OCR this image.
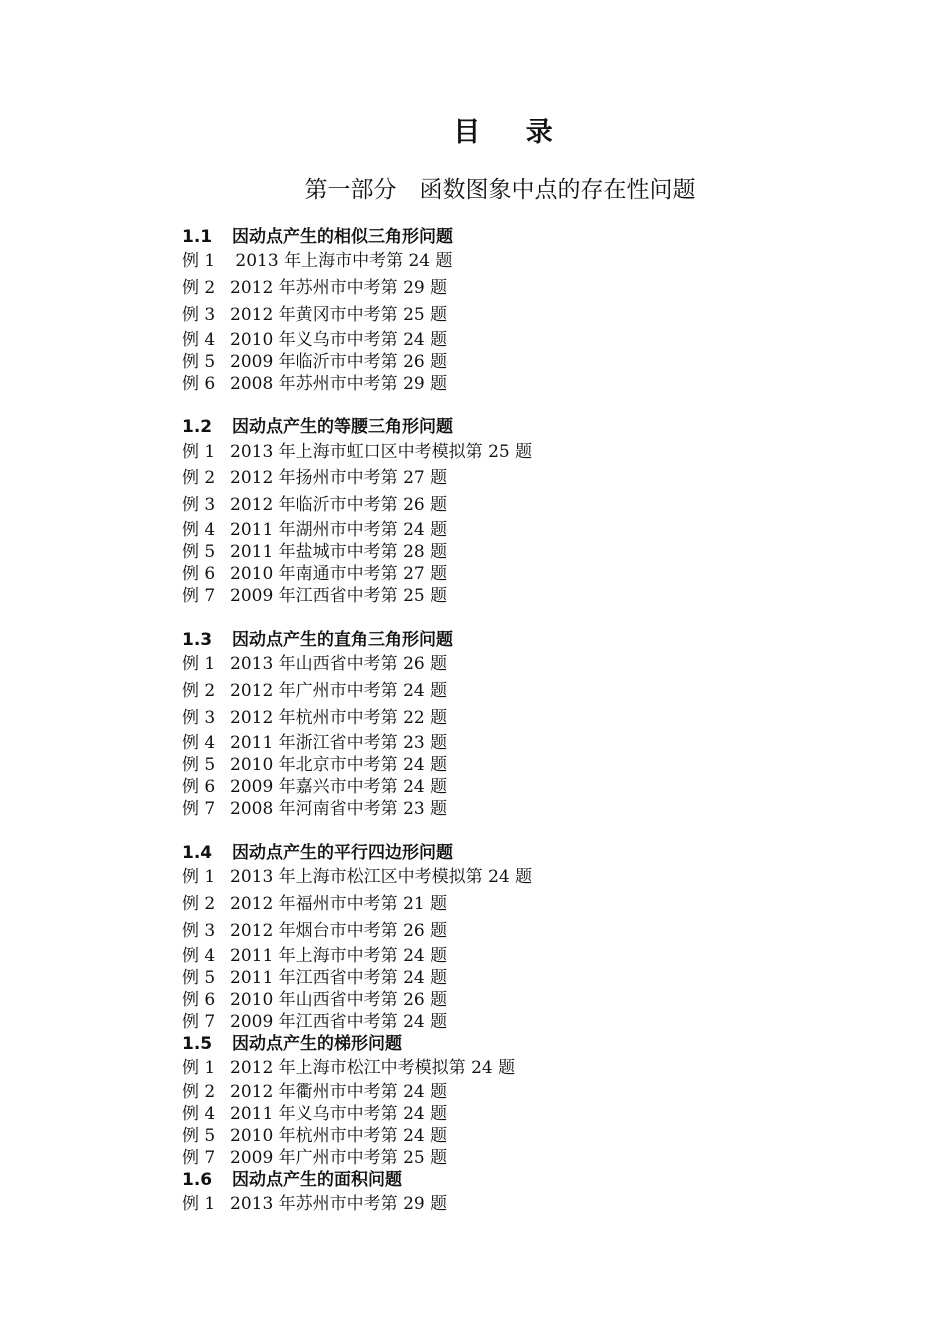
目 录
第一部分　函数图象中点的存在性问题
1.1 因动点产生的相似三角形问题
例 1 2013 年上海市中考第 24 题
例 2 2012 年苏州市中考第 29 题
例 3 2012 年黄冈市中考第 25 题
例 4 2010 年义乌市中考第 24 题
例 5 2009 年临沂市中考第 26 题
例 6 2008 年苏州市中考第 29 题
1.2 因动点产生的等腰三角形问题
例 1 2013 年上海市虹口区中考模拟第 25 题
例 2 2012 年扬州市中考第 27 题
例 3 2012 年临沂市中考第 26 题
例 4 2011 年湖州市中考第 24 题
例 5 2011 年盐城市中考第 28 题
例 6 2010 年南通市中考第 27 题
例 7 2009 年江西省中考第 25 题
1.3 因动点产生的直角三角形问题
例 1 2013 年山西省中考第 26 题
例 2 2012 年广州市中考第 24 题
例 3 2012 年杭州市中考第 22 题
例 4 2011 年浙江省中考第 23 题
例 5 2010 年北京市中考第 24 题
例 6 2009 年嘉兴市中考第 24 题
例 7 2008 年河南省中考第 23 题
1.4 因动点产生的平行四边形问题
例 1 2013 年上海市松江区中考模拟第 24 题
例 2 2012 年福州市中考第 21 题
例 3 2012 年烟台市中考第 26 题
例 4 2011 年上海市中考第 24 题
例 5 2011 年江西省中考第 24 题
例 6 2010 年山西省中考第 26 题
例 7 2009 年江西省中考第 24 题
1.5 因动点产生的梯形问题
例 1 2012 年上海市松江中考模拟第 24 题
例 2 2012 年衢州市中考第 24 题
例 4 2011 年义乌市中考第 24 题
例 5 2010 年杭州市中考第 24 题
例 7 2009 年广州市中考第 25 题
1.6 因动点产生的面积问题
例 1 2013 年苏州市中考第 29 题
